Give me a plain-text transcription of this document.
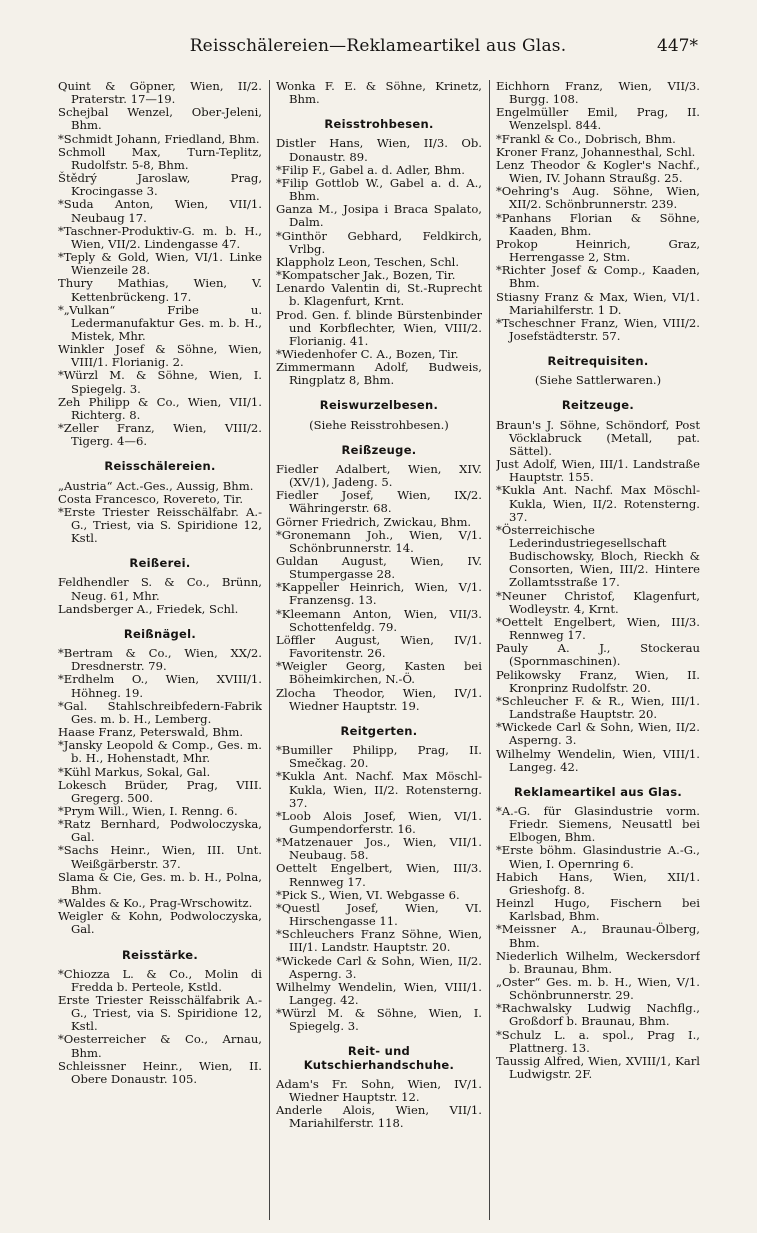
Reisschälereien—Reklameartikel aus Glas.	447*
Quint & Göpner, Wien, II/2. Praterstr. 17—19.
Schejbal Wenzel, Ober-Jeleni, Bhm.
*Schmidt Johann, Friedland, Bhm.
Schmoll Max, Turn-Teplitz, Rudolfstr. 5-8, Bhm.
Štědrý Jaroslaw, Prag, Krocingasse 3.
*Suda Anton, Wien, VII/1. Neubaug 17.
*Taschner-Produktiv-G. m. b. H., Wien, VII/2. Lindengasse 47.
*Teply & Gold, Wien, VI/1. Linke Wienzeile 28.
Thury Mathias, Wien, V. Kettenbrückeng. 17.
*„Vulkan“ Fribe u. Ledermanufaktur Ges. m. b. H., Mistek, Mhr.
Winkler Josef & Söhne, Wien, VIII/1. Florianig. 2.
*Würzl M. & Söhne, Wien, I. Spiegelg. 3.
Zeh Philipp & Co., Wien, VII/1. Richterg. 8.
*Zeller Franz, Wien, VIII/2. Tigerg. 4—6.
Reisschälereien.
„Austria“ Act.-Ges., Aussig, Bhm.
Costa Francesco, Rovereto, Tir.
*Erste Triester Reisschälfabr. A.-G., Triest, via S. Spiridione 12, Kstl.
Reißerei.
Feldhendler S. & Co., Brünn, Neug. 61, Mhr.
Landsberger A., Friedek, Schl.
Reißnägel.
*Bertram & Co., Wien, XX/2. Dresdnerstr. 79.
*Erdhelm O., Wien, XVIII/1. Höhneg. 19.
*Gal. Stahlschreibfedern-Fabrik Ges. m. b. H., Lemberg.
Haase Franz, Peterswald, Bhm.
*Jansky Leopold & Comp., Ges. m. b. H., Hohenstadt, Mhr.
*Kühl Markus, Sokal, Gal.
Lokesch Brüder, Prag, VIII. Gregerg. 500.
*Prym Will., Wien, I. Renng. 6.
*Ratz Bernhard, Podwoloczyska, Gal.
*Sachs Heinr., Wien, III. Unt. Weißgärberstr. 37.
Slama & Cie, Ges. m. b. H., Polna, Bhm.
*Waldes & Ko., Prag-Wrschowitz.
Weigler & Kohn, Podwoloczyska, Gal.
Reisstärke.
*Chiozza L. & Co., Molin di Fredda b. Perteole, Kstld.
Erste Triester Reisschälfabrik A.-G., Triest, via S. Spiridione 12, Kstl.
*Oesterreicher & Co., Arnau, Bhm.
Schleissner Heinr., Wien, II. Obere Donaustr. 105.
Wonka F. E. & Söhne, Krinetz, Bhm.
Reisstrohbesen.
Distler Hans, Wien, II/3. Ob. Donaustr. 89.
*Filip F., Gabel a. d. Adler, Bhm.
*Filip Gottlob W., Gabel a. d. A., Bhm.
Ganza M., Josipa i Braca Spalato, Dalm.
*Ginthör Gebhard, Feldkirch, Vrlbg.
Klappholz Leon, Teschen, Schl.
*Kompatscher Jak., Bozen, Tir.
Lenardo Valentin di, St.-Ruprecht b. Klagenfurt, Krnt.
Prod. Gen. f. blinde Bürstenbinder und Korbflechter, Wien, VIII/2. Florianig. 41.
*Wiedenhofer C. A., Bozen, Tir.
Zimmermann Adolf, Budweis, Ringplatz 8, Bhm.
Reiswurzelbesen.
(Siehe Reisstrohbesen.)
Reißzeuge.
Fiedler Adalbert, Wien, XIV. (XV/1), Jadeng. 5.
Fiedler Josef, Wien, IX/2. Währingerstr. 68.
Görner Friedrich, Zwickau, Bhm.
*Gronemann Joh., Wien, V/1. Schönbrunnerstr. 14.
Guldan August, Wien, IV. Stumpergasse 28.
*Kappeller Heinrich, Wien, V/1. Franzensg. 13.
*Kleemann Anton, Wien, VII/3. Schottenfeldg. 79.
Löffler August, Wien, IV/1. Favoritenstr. 26.
*Weigler Georg, Kasten bei Böheimkirchen, N.-Ö.
Zlocha Theodor, Wien, IV/1. Wiedner Hauptstr. 19.
Reitgerten.
*Bumiller Philipp, Prag, II. Smečkag. 20.
*Kukla Ant. Nachf. Max Möschl-Kukla, Wien, II/2. Rotensterng. 37.
*Loob Alois Josef, Wien, VI/1. Gumpendorferstr. 16.
*Matzenauer Jos., Wien, VII/1. Neubaug. 58.
Oettelt Engelbert, Wien, III/3. Rennweg 17.
*Pick S., Wien, VI. Webgasse 6.
*Questl Josef, Wien, VI. Hirschengasse 11.
*Schleuchers Franz Söhne, Wien, III/1. Landstr. Hauptstr. 20.
*Wickede Carl & Sohn, Wien, II/2. Asperng. 3.
Wilhelmy Wendelin, Wien, VIII/1. Langeg. 42.
*Würzl M. & Söhne, Wien, I. Spiegelg. 3.
Reit- und Kutschierhandschuhe.
Adam's Fr. Sohn, Wien, IV/1. Wiedner Hauptstr. 12.
Anderle Alois, Wien, VII/1. Mariahilferstr. 118.
Eichhorn Franz, Wien, VII/3. Burgg. 108.
Engelmüller Emil, Prag, II. Wenzelspl. 844.
*Frankl & Co., Dobrisch, Bhm.
Kroner Franz, Johannesthal, Schl.
Lenz Theodor & Kogler's Nachf., Wien, IV. Johann Straußg. 25.
*Oehring's Aug. Söhne, Wien, XII/2. Schönbrunnerstr. 239.
*Panhans Florian & Söhne, Kaaden, Bhm.
Prokop Heinrich, Graz, Herrengasse 2, Stm.
*Richter Josef & Comp., Kaaden, Bhm.
Stiasny Franz & Max, Wien, VI/1. Mariahilferstr. 1 D.
*Tscheschner Franz, Wien, VIII/2. Josefstädterstr. 57.
Reitrequisiten.
(Siehe Sattlerwaren.)
Reitzeuge.
Braun's J. Söhne, Schöndorf, Post Vöcklabruck (Metall, pat. Sättel).
Just Adolf, Wien, III/1. Landstraße Hauptstr. 155.
*Kukla Ant. Nachf. Max Möschl-Kukla, Wien, II/2. Rotensterng. 37.
*Österreichische Lederindustriegesellschaft Budischowsky, Bloch, Rieckh & Consorten, Wien, III/2. Hintere Zollamtsstraße 17.
*Neuner Christof, Klagenfurt, Wodleystr. 4, Krnt.
*Oettelt Engelbert, Wien, III/3. Rennweg 17.
Pauly A. J., Stockerau (Spornmaschinen).
Pelikowsky Franz, Wien, II. Kronprinz Rudolfstr. 20.
*Schleucher F. & R., Wien, III/1. Landstraße Hauptstr. 20.
*Wickede Carl & Sohn, Wien, II/2. Asperng. 3.
Wilhelmy Wendelin, Wien, VIII/1. Langeg. 42.
Reklameartikel aus Glas.
*A.-G. für Glasindustrie vorm. Friedr. Siemens, Neusattl bei Elbogen, Bhm.
*Erste böhm. Glasindustrie A.-G., Wien, I. Opernring 6.
Habich Hans, Wien, XII/1. Grieshofg. 8.
Heinzl Hugo, Fischern bei Karlsbad, Bhm.
*Meissner A., Braunau-Ölberg, Bhm.
Niederlich Wilhelm, Weckersdorf b. Braunau, Bhm.
„Oster“ Ges. m. b. H., Wien, V/1. Schönbrunnerstr. 29.
*Rachwalsky Ludwig Nachflg., Großdorf b. Braunau, Bhm.
*Schulz L. a. spol., Prag I., Plattnerg. 13.
Taussig Alfred, Wien, XVIII/1, Karl Ludwigstr. 2F.
